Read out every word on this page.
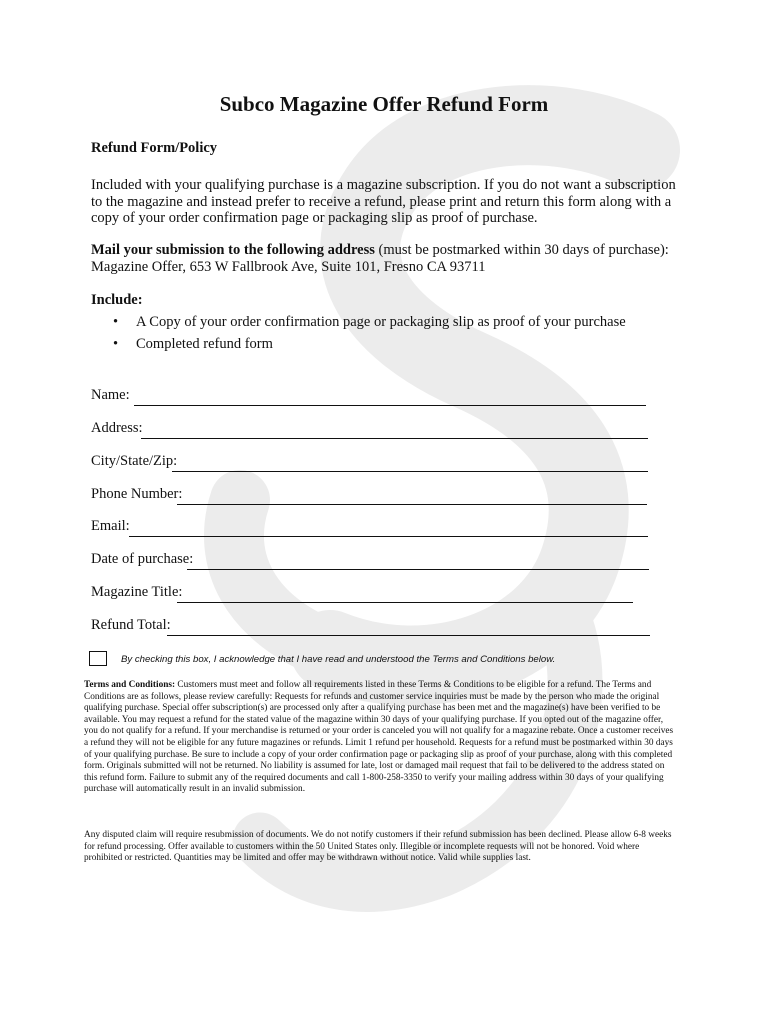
Subco Magazine Offer Refund Form
Refund Form/Policy

Included with your qualifying purchase is a magazine subscription. If you do not want a subscription to the magazine and instead prefer to receive a refund, please print and return this form along with a copy of your order confirmation page or packaging slip as proof of purchase.

Mail your submission to the following address (must be postmarked within 30 days of purchase):
Magazine Offer, 653 W Fallbrook Ave, Suite 101, Fresno CA 93711
Include:
• A Copy of your order confirmation page or packaging slip as proof of your purchase
• Completed refund form
Name:
Address:
City/State/Zip:
Phone Number:
Email:
Date of purchase:
Magazine Title:
Refund Total:
By checking this box, I acknowledge that I have read and understood the Terms and Conditions below.

Terms and Conditions: Customers must meet and follow all requirements listed in these Terms & Conditions to be eligible for a refund. The Terms and Conditions are as follows, please review carefully: Requests for refunds and customer service inquiries must be made by the person who made the original qualifying purchase. Special offer subscription(s) are processed only after a qualifying purchase has been met and the magazine(s) have been verified to be available. You may request a refund for the stated value of the magazine within 30 days of your qualifying purchase. If you opted out of the magazine offer, you do not qualify for a refund. If your merchandise is returned or your order is canceled you will not qualify for a magazine rebate. Once a customer receives a refund they will not be eligible for any future magazines or refunds. Limit 1 refund per household. Requests for a refund must be postmarked within 30 days of your qualifying purchase. Be sure to include a copy of your order confirmation page or packaging slip as proof of your purchase, along with this completed form. Originals submitted will not be returned. No liability is assumed for late, lost or damaged mail request that fail to be delivered to the address stated on this refund form. Failure to submit any of the required documents and call 1-800-258-3350 to verify your mailing address within 30 days of your qualifying purchase will automatically result in an invalid submission.

Any disputed claim will require resubmission of documents. We do not notify customers if their refund submission has been declined. Please allow 6-8 weeks for refund processing. Offer available to customers within the 50 United States only. Illegible or incomplete requests will not be honored. Void where prohibited or restricted. Quantities may be limited and offer may be withdrawn without notice. Valid while supplies last.
